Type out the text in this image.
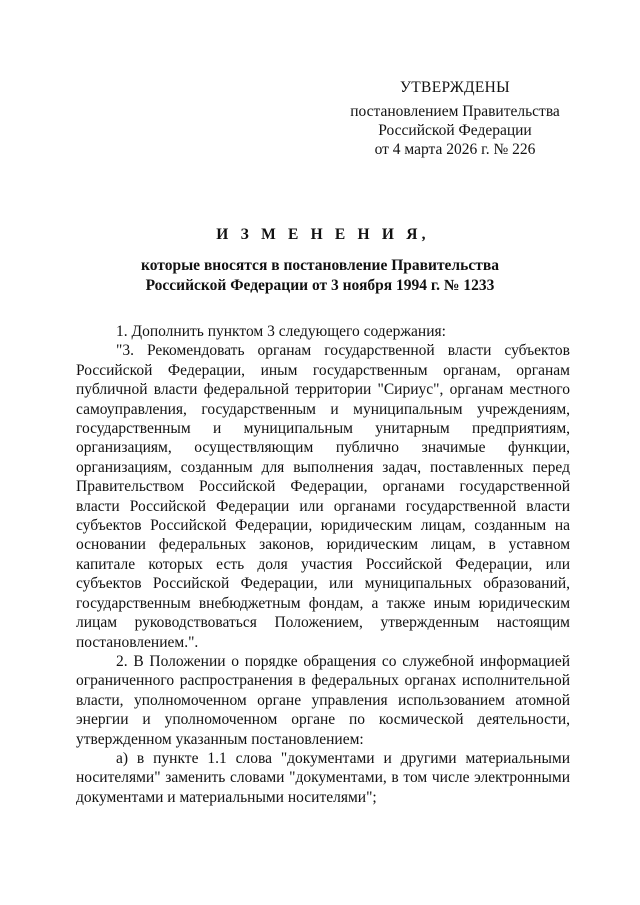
УТВЕРЖДЕНЫ
постановлением Правительства
Российской Федерации
от 4 марта 2026 г. № 226
И З М Е Н Е Н И Я,
которые вносятся в постановление Правительства
Российской Федерации от 3 ноября 1994 г. № 1233

1. Дополнить пунктом 3 следующего содержания:

"3. Рекомендовать органам государственной власти субъектов Российской Федерации, иным государственным органам, органам публичной власти федеральной территории "Сириус", органам местного самоуправления, государственным и муниципальным учреждениям, государственным и муниципальным унитарным предприятиям, организациям, осуществляющим публично значимые функции, организациям, созданным для выполнения задач, поставленных перед Правительством Российской Федерации, органами государственной власти Российской Федерации или органами государственной власти субъектов Российской Федерации, юридическим лицам, созданным на основании федеральных законов, юридическим лицам, в уставном капитале которых есть доля участия Российской Федерации, или субъектов Российской Федерации, или муниципальных образований, государственным внебюджетным фондам, а также иным юридическим лицам руководствоваться Положением, утвержденным настоящим постановлением.".

2. В Положении о порядке обращения со служебной информацией ограниченного распространения в федеральных органах исполнительной власти, уполномоченном органе управления использованием атомной энергии и уполномоченном органе по космической деятельности, утвержденном указанным постановлением:

а) в пункте 1.1 слова "документами и другими материальными носителями" заменить словами "документами, в том числе электронными документами и материальными носителями";
